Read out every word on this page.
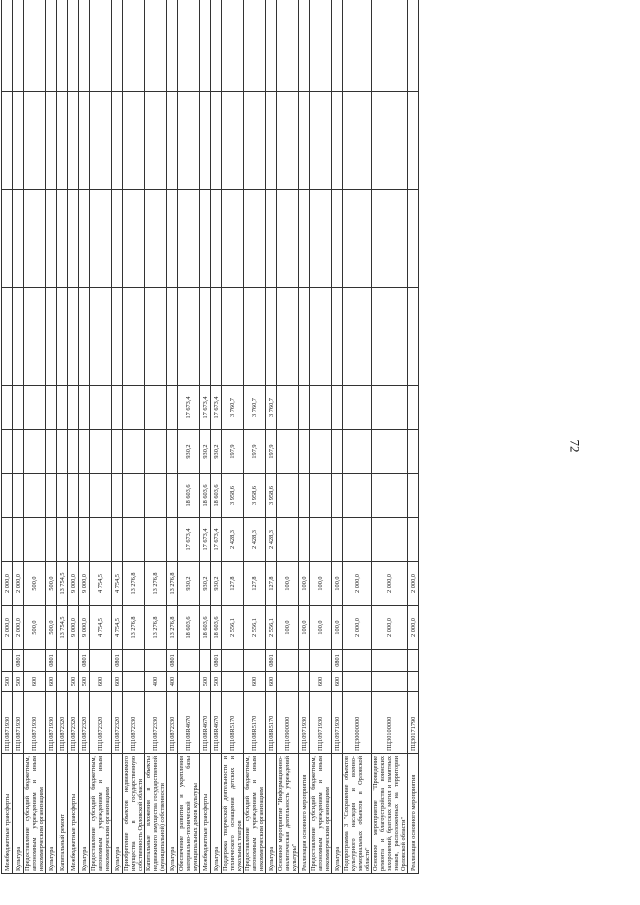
72
Межбюджетные трансферты	ПЦ10871930	500		2 000,0	2 000,0								
Культура	ПЦ10871930	500	0801	2 000,0	2 000,0								
Предоставление субсидий бюджетным, автономным учреждениям и иным некоммерческим организациям	ПЦ10871930	600		500,0	500,0								
Культура	ПЦ10871930	600	0801	500,0	500,0								
Капитальный ремонт	ПЦ10872320			13 754,5	13 754,5								
Межбюджетные трансферты	ПЦ10872320	500		9 000,0	9 000,0								
Культура	ПЦ10872320	500	0801	9 000,0	9 000,0								
Предоставление субсидий бюджетным, автономным учреждениям и иным некоммерческим организациям	ПЦ10872320	600		4 754,5	4 754,5								
Культура	ПЦ10872320	600	0801	4 754,5	4 754,5								
Приобретение объектов недвижимого имущества в государственную собственность Орловской области	ПЦ10872330			13 276,8	13 276,8								
Капитальные вложения в объекты недвижимого имущества государственной (муниципальной) собственности	ПЦ10872330	400		13 276,8	13 276,8								
Культура	ПЦ10872330	400	0801	13 276,8	13 276,8								
Обеспечение развития и укрепления материально-технической базы муниципальных домов культуры	ПЦ108R4670			18 603,6	930,2	17 673,4	18 603,6	930,2	17 673,4				
Межбюджетные трансферты	ПЦ108R4670	500		18 603,6	930,2	17 673,4	18 603,6	930,2	17 673,4				
Культура	ПЦ108R4670	500	0801	18 603,6	930,2	17 673,4	18 603,6	930,2	17 673,4				
Поддержка творческой деятельности и технического оснащения детских и кукольных театров	ПЦ108R5170			2 556,1	127,8	2 428,3	3 958,6	197,9	3 760,7				
Предоставление субсидий бюджетным, автономным учреждениям и иным некоммерческим организациям	ПЦ108R5170	600		2 556,1	127,8	2 428,3	3 958,6	197,9	3 760,7				
Культура	ПЦ108R5170	600	0801	2 556,1	127,8	2 428,3	3 958,6	197,9	3 760,7				
Основное мероприятие "Информационно-аналитическая деятельность учреждений культуры"	ПЦ10900000			100,0	100,0								
Реализация основного мероприятия	ПЦ10971930			100,0	100,0								
Предоставление субсидий бюджетным, автономным учреждениям и иным некоммерческим организациям	ПЦ10971930	600		100,0	100,0								
Культура	ПЦ10971930	600	0801	100,0	100,0								
Подпрограмма 3 "Сохранение объектов культурного наследия и военно-мемориальных объектов в Орловской области"	ПЦ30000000			2 000,0	2 000,0								
Основное мероприятие "Проведение ремонта и благоустройства воинских захоронений, братских могил и памятных знаков, расположенных на территории Орловской области"	ПЦ30100000			2 000,0	2 000,0								
Реализация основного мероприятия	ПЦ30171790			2 000,0	2 000,0								
